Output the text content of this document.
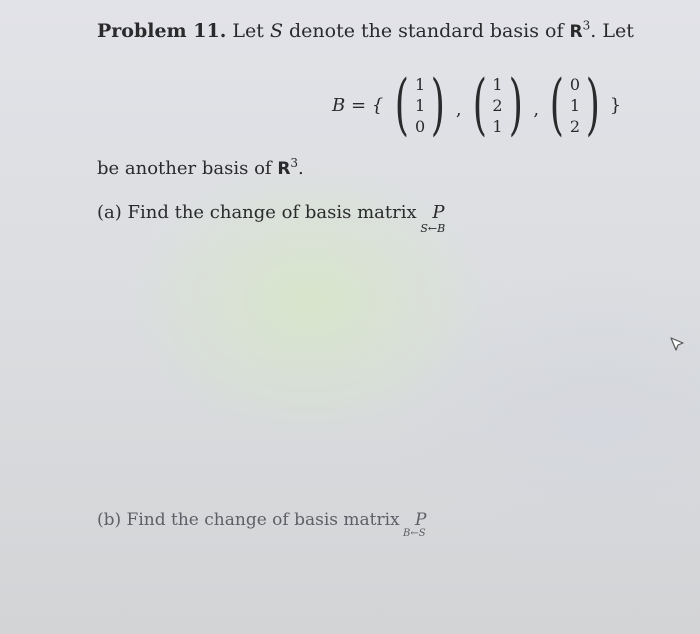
Problem 11. Let S denote the standard basis of $R^3$. Let
B = { ( 1
1
0 ) , ( 1
2
1 ) , ( 0
1
2 ) }
be another basis of $R^3$.
(a) Find the change of basis matrix P
S←B
(b) Find the change of basis matrix P
B←S
